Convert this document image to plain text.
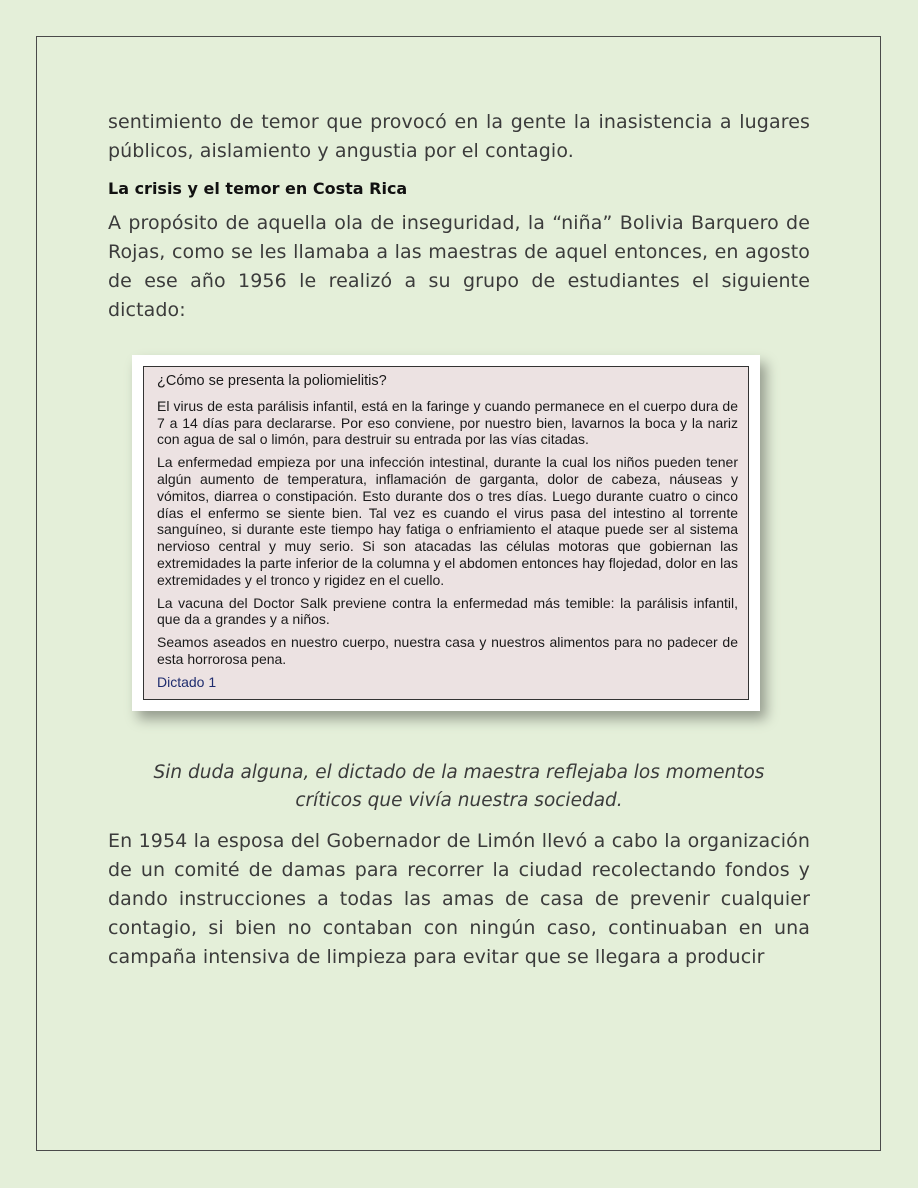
sentimiento de temor que provocó en la gente la inasistencia a lugares públicos, aislamiento y angustia por el contagio.

La crisis y el temor en Costa Rica

A propósito de aquella ola de inseguridad, la “niña” Bolivia Barquero de Rojas, como se les llamaba a las maestras de aquel entonces, en agosto de ese año 1956 le realizó a su grupo de estudiantes el siguiente dictado:

¿Cómo se presenta la poliomielitis?

El virus de esta parálisis infantil, está en la faringe y cuando permanece en el cuerpo dura de 7 a 14 días para declararse. Por eso conviene, por nuestro bien, lavarnos la boca y la nariz con agua de sal o limón, para destruir su entrada por las vías citadas.

La enfermedad empieza por una infección intestinal, durante la cual los niños pueden tener algún aumento de temperatura, inflamación de garganta, dolor de cabeza, náuseas y vómitos, diarrea o constipación. Esto durante dos o tres días. Luego durante cuatro o cinco días el enfermo se siente bien. Tal vez es cuando el virus pasa del intestino al torrente sanguíneo, si durante este tiempo hay fatiga o enfriamiento el ataque puede ser al sistema nervioso central y muy serio. Si son atacadas las células motoras que gobiernan las extremidades la parte inferior de la columna y el abdomen entonces hay flojedad, dolor en las extremidades y el tronco y rigidez en el cuello.

La vacuna del Doctor Salk previene contra la enfermedad más temible: la parálisis infantil, que da a grandes y a niños.

Seamos aseados en nuestro cuerpo, nuestra casa y nuestros alimentos para no padecer de esta horrorosa pena.

Dictado 1

Sin duda alguna, el dictado de la maestra reflejaba los momentos críticos que vivía nuestra sociedad.

En 1954 la esposa del Gobernador de Limón llevó a cabo la organización de un comité de damas para recorrer la ciudad recolectando fondos y dando instrucciones a todas las amas de casa de prevenir cualquier contagio, si bien no contaban con ningún caso, continuaban en una campaña intensiva de limpieza para evitar que se llegara a producir
